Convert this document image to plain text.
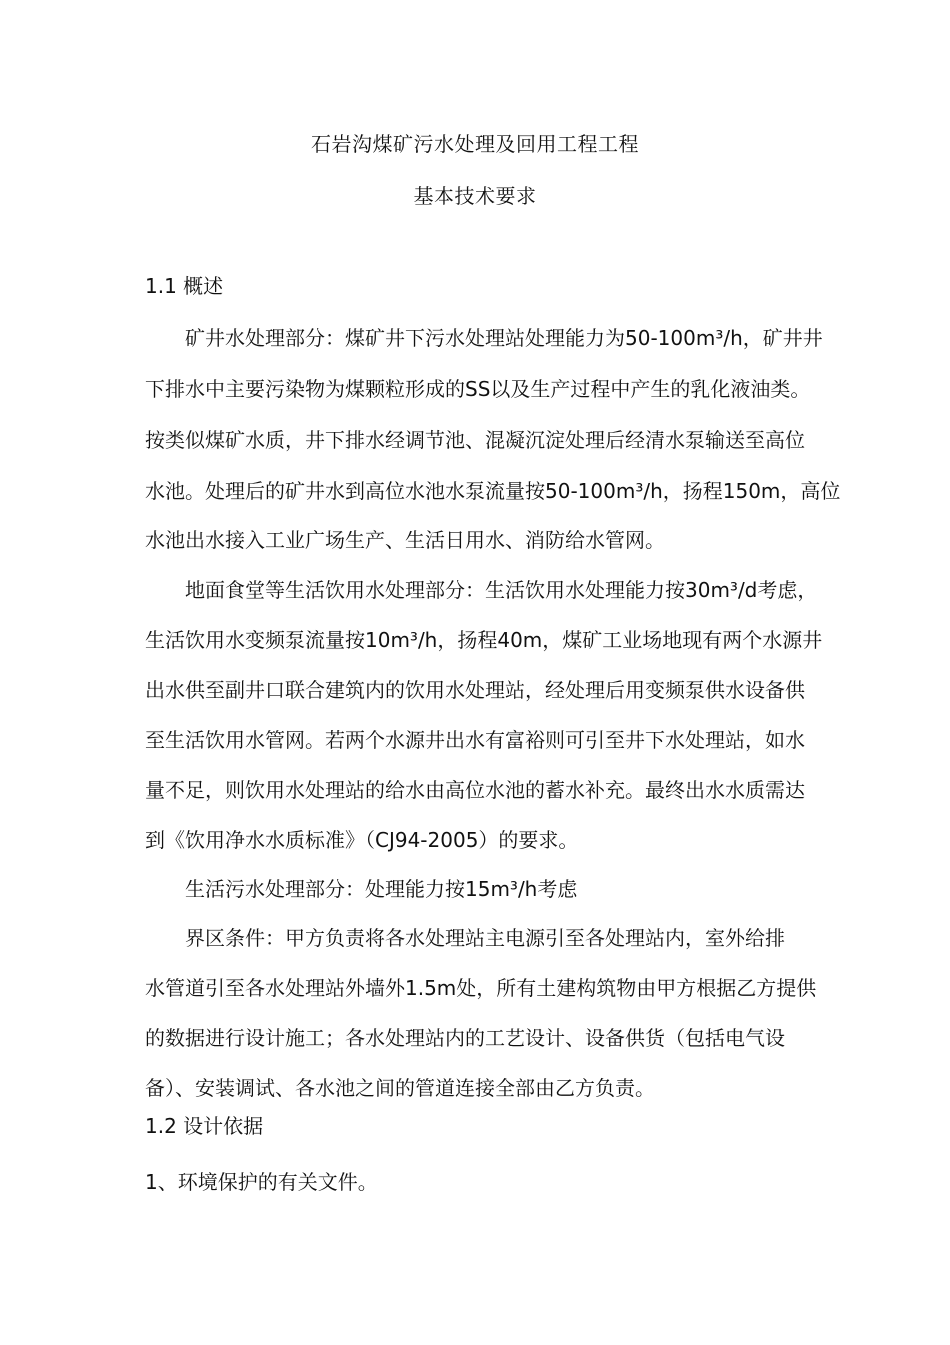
石岩沟煤矿污水处理及回用工程工程
基本技术要求
1.1 概述
矿井水处理部分：煤矿井下污水处理站处理能力为50-100m³/h，矿井井
下排水中主要污染物为煤颗粒形成的SS以及生产过程中产生的乳化液油类。
按类似煤矿水质，井下排水经调节池、混凝沉淀处理后经清水泵输送至高位
水池。处理后的矿井水到高位水池水泵流量按50-100m³/h，扬程150m，高位
水池出水接入工业广场生产、生活日用水、消防给水管网。
地面食堂等生活饮用水处理部分：生活饮用水处理能力按30m³/d考虑，
生活饮用水变频泵流量按10m³/h，扬程40m，煤矿工业场地现有两个水源井
出水供至副井口联合建筑内的饮用水处理站，经处理后用变频泵供水设备供
至生活饮用水管网。若两个水源井出水有富裕则可引至井下水处理站，如水
量不足，则饮用水处理站的给水由高位水池的蓄水补充。最终出水水质需达
到《饮用净水水质标准》（CJ94-2005）的要求。
生活污水处理部分：处理能力按15m³/h考虑
界区条件：甲方负责将各水处理站主电源引至各处理站内，室外给排
水管道引至各水处理站外墙外1.5m处，所有土建构筑物由甲方根据乙方提供
的数据进行设计施工；各水处理站内的工艺设计、设备供货（包括电气设
备）、安装调试、各水池之间的管道连接全部由乙方负责。
1.2 设计依据
1、环境保护的有关文件。
